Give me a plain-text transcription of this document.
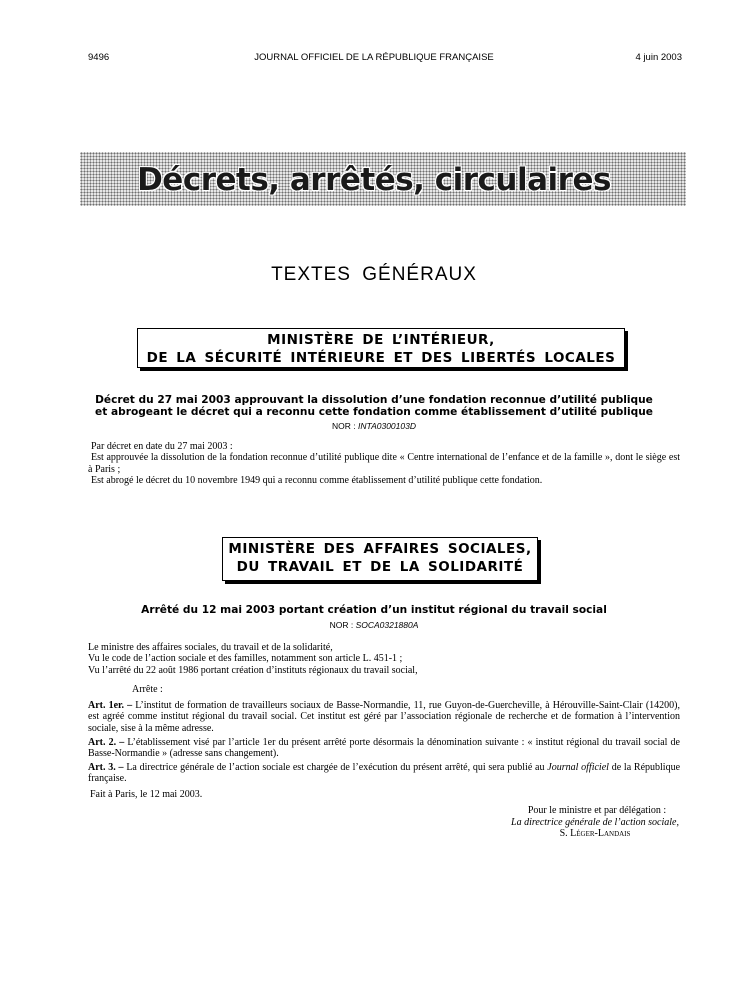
9496	JOURNAL OFFICIEL DE LA RÉPUBLIQUE FRANÇAISE	4 juin 2003
Décrets, arrêtés, circulaires
TEXTES GÉNÉRAUX
MINISTÈRE DE L’INTÉRIEUR,
DE LA SÉCURITÉ INTÉRIEURE ET DES LIBERTÉS LOCALES
Décret du 27 mai 2003 approuvant la dissolution d’une fondation reconnue d’utilité publique
et abrogeant le décret qui a reconnu cette fondation comme établissement d’utilité publique
NOR : INTA0300103D
Par décret en date du 27 mai 2003 :
Est approuvée la dissolution de la fondation reconnue d’utilité publique dite « Centre international de l’enfance et de la famille », dont le siège est à Paris ;
Est abrogé le décret du 10 novembre 1949 qui a reconnu comme établissement d’utilité publique cette fondation.
MINISTÈRE DES AFFAIRES SOCIALES,
DU TRAVAIL ET DE LA SOLIDARITÉ
Arrêté du 12 mai 2003 portant création d’un institut régional du travail social
NOR : SOCA0321880A
Le ministre des affaires sociales, du travail et de la solidarité,
Vu le code de l’action sociale et des familles, notamment son article L. 451-1 ;
Vu l’arrêté du 22 août 1986 portant création d’instituts régionaux du travail social,
Arrête :
Art. 1er. – L’institut de formation de travailleurs sociaux de Basse-Normandie, 11, rue Guyon-de-Guercheville, à Hérouville-Saint-Clair (14200), est agréé comme institut régional du travail social. Cet institut est géré par l’association régionale de recherche et de formation à l’intervention sociale, sise à la même adresse.
Art. 2. – L’établissement visé par l’article 1er du présent arrêté porte désormais la dénomination suivante : « institut régional du travail social de Basse-Normandie » (adresse sans changement).
Art. 3. – La directrice générale de l’action sociale est chargée de l’exécution du présent arrêté, qui sera publié au Journal officiel de la République française.
Fait à Paris, le 12 mai 2003.
Pour le ministre et par délégation :
La directrice générale de l’action sociale,
S. Léger-Landais
